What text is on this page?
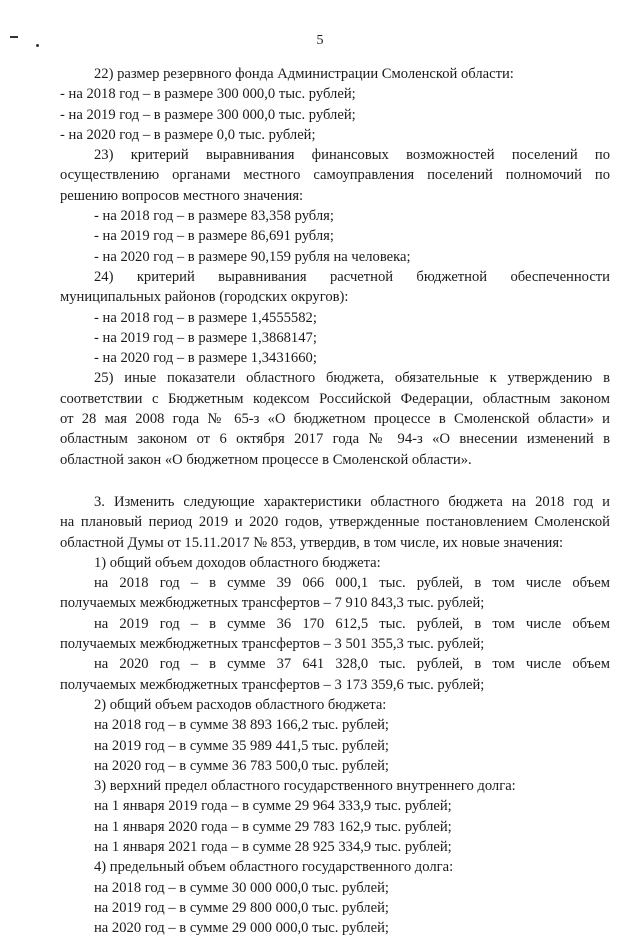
5

22) размер резервного фонда Администрации Смоленской области:

- на 2018 год – в размере 300 000,0 тыс. рублей;

- на 2019 год – в размере 300 000,0 тыс. рублей;

- на 2020 год – в размере 0,0 тыс. рублей;

23) критерий выравнивания финансовых возможностей поселений по

осуществлению органами местного самоуправления поселений полномочий по

решению вопросов местного значения:

- на 2018 год – в размере 83,358 рубля;

- на 2019 год – в размере 86,691 рубля;

- на 2020 год – в размере 90,159 рубля на человека;

24) критерий выравнивания расчетной бюджетной обеспеченности

муниципальных районов (городских округов):

- на 2018 год – в размере 1,4555582;

- на 2019 год – в размере 1,3868147;

- на 2020 год – в размере 1,3431660;

25) иные показатели областного бюджета, обязательные к утверждению в

соответствии с Бюджетным кодексом Российской Федерации, областным законом

от 28 мая 2008 года № 65-з «О бюджетном процессе в Смоленской области» и

областным законом от 6 октября 2017 года № 94-з «О внесении изменений в

областной закон «О бюджетном процессе в Смоленской области».

3. Изменить следующие характеристики областного бюджета на 2018 год и

на плановый период 2019 и 2020 годов, утвержденные постановлением Смоленской

областной Думы от 15.11.2017 № 853, утвердив, в том числе, их новые значения:

1) общий объем доходов областного бюджета:

на 2018 год – в сумме 39 066 000,1 тыс. рублей, в том числе объем

получаемых межбюджетных трансфертов – 7 910 843,3 тыс. рублей;

на 2019 год – в сумме 36 170 612,5 тыс. рублей, в том числе объем

получаемых межбюджетных трансфертов – 3 501 355,3 тыс. рублей;

на 2020 год – в сумме 37 641 328,0 тыс. рублей, в том числе объем

получаемых межбюджетных трансфертов – 3 173 359,6 тыс. рублей;

2) общий объем расходов областного бюджета:

на 2018 год – в сумме 38 893 166,2 тыс. рублей;

на 2019 год – в сумме 35 989 441,5 тыс. рублей;

на 2020 год – в сумме 36 783 500,0 тыс. рублей;

3) верхний предел областного государственного внутреннего долга:

на 1 января 2019 года – в сумме 29 964 333,9 тыс. рублей;

на 1 января 2020 года – в сумме 29 783 162,9 тыс. рублей;

на 1 января 2021 года – в сумме 28 925 334,9 тыс. рублей;

4) предельный объем областного государственного долга:

на 2018 год – в сумме 30 000 000,0 тыс. рублей;

на 2019 год – в сумме 29 800 000,0 тыс. рублей;

на 2020 год – в сумме 29 000 000,0 тыс. рублей;
